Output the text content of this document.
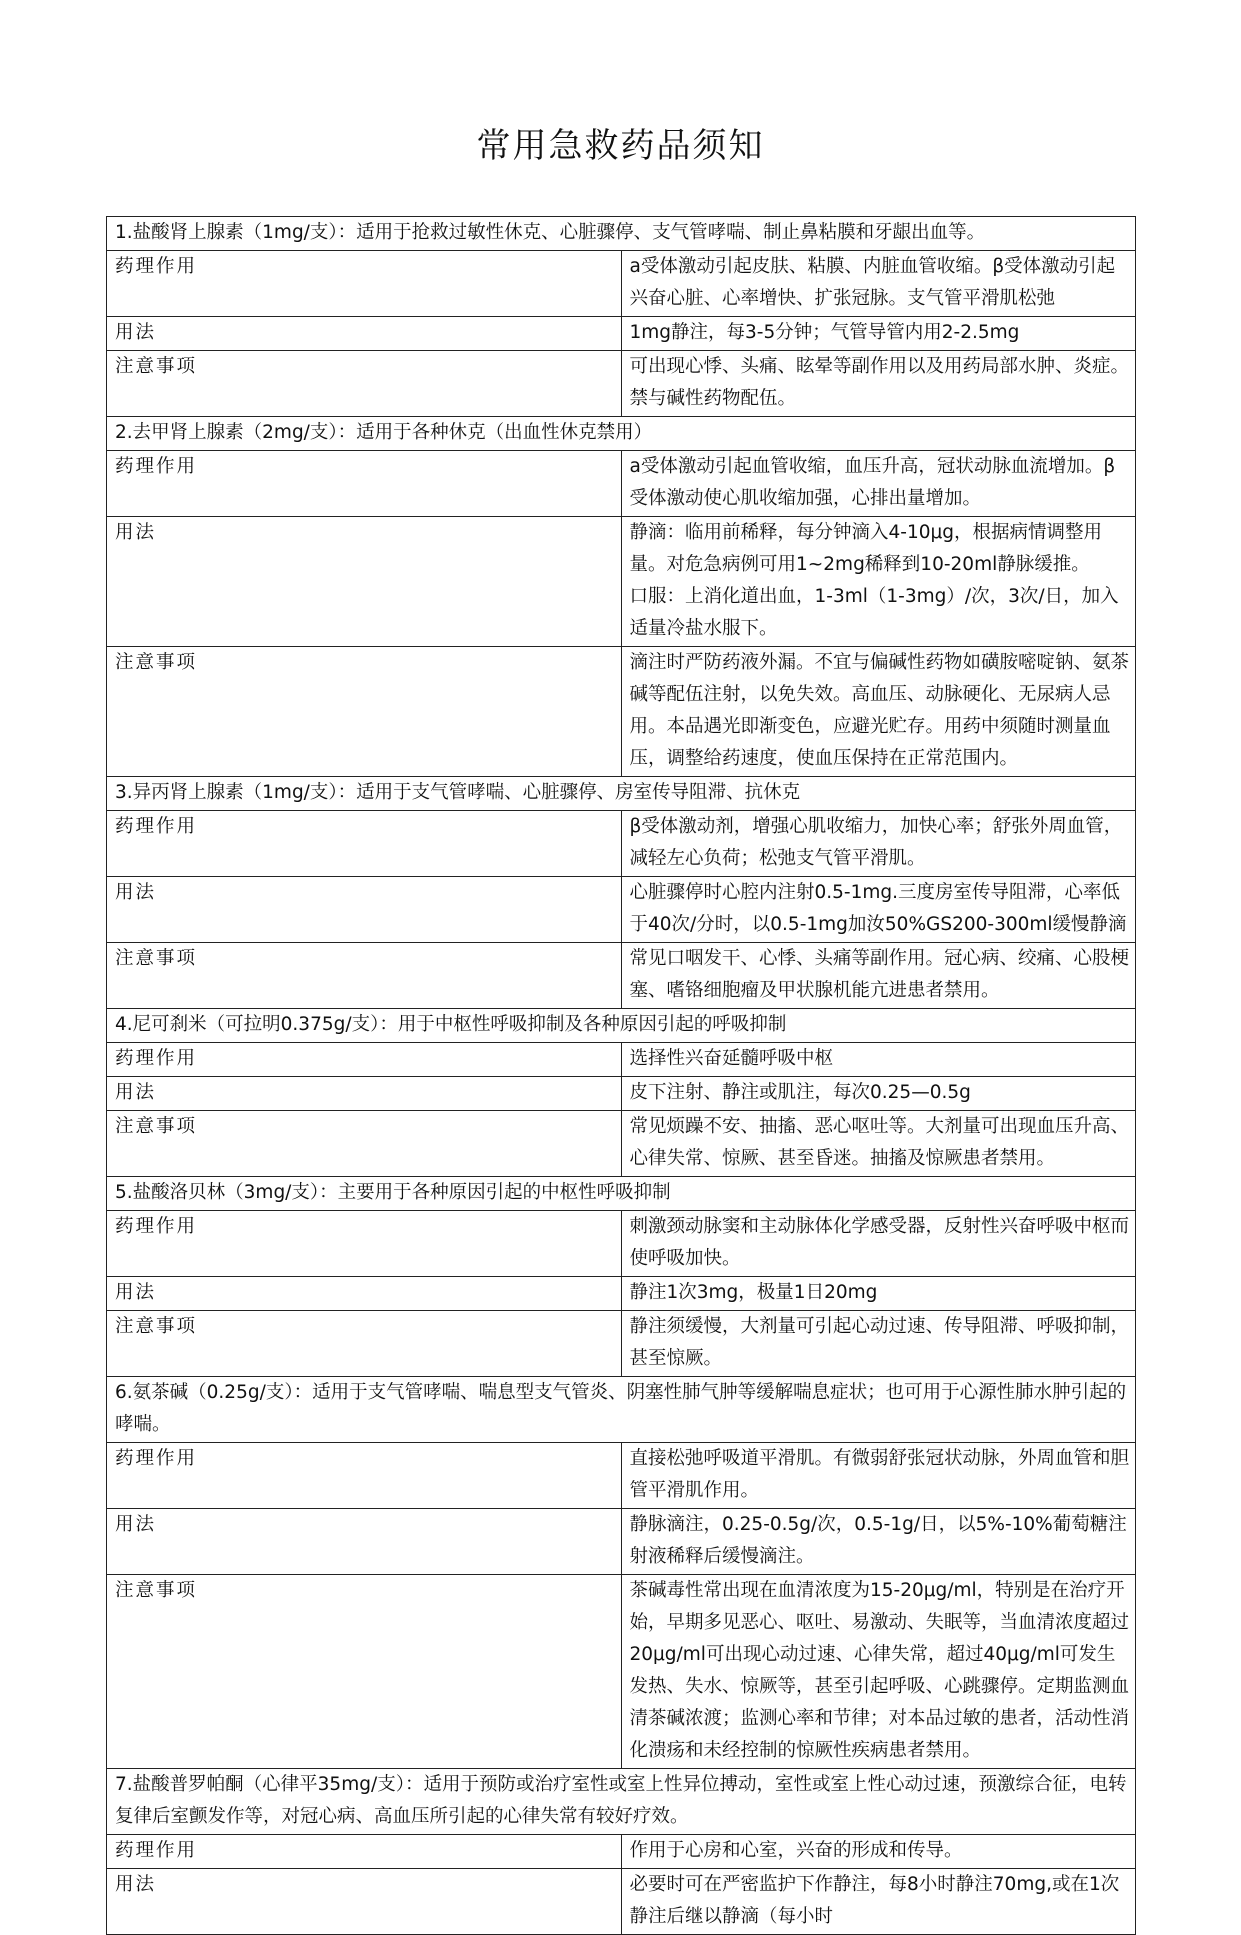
常用急救药品须知
1.盐酸肾上腺素（1mg/支）：适用于抢救过敏性休克、心脏骤停、支气管哮喘、制止鼻粘膜和牙龈出血等。	
药理作用	a受体激动引起皮肤、粘膜、内脏血管收缩。β受体激动引起兴奋心脏、心率增快、扩张冠脉。支气管平滑肌松弛
用法	1mg静注，每3-5分钟；气管导管内用2-2.5mg

注意事项	可出现心悸、头痛、眩晕等副作用以及用药局部水肿、炎症。禁与碱性药物配伍。
2.去甲肾上腺素（2mg/支）：适用于各种休克（出血性休克禁用）	
药理作用	a受体激动引起血管收缩，血压升高，冠状动脉血流增加。β受体激动使心肌收缩加强，心排出量增加。
用法	静滴：临用前稀释，每分钟滴入4-10μg，根据病情调整用量。对危急病例可用1~2mg稀释到10-20ml静脉缓推。
口服：上消化道出血，1-3ml（1-3mg）/次，3次/日，加入适量冷盐水服下。

注意事项	滴注时严防药液外漏。不宜与偏碱性药物如磺胺嘧啶钠、氨茶碱等配伍注射，以免失效。高血压、动脉硬化、无尿病人忌用。本品遇光即渐变色，应避光贮存。用药中须随时测量血压，调整给药速度，使血压保持在正常范围内。
3.异丙肾上腺素（1mg/支）：适用于支气管哮喘、心脏骤停、房室传导阻滞、抗休克	
药理作用	β受体激动剂，增强心肌收缩力，加快心率；舒张外周血管，减轻左心负荷；松弛支气管平滑肌。
用法	心脏骤停时心腔内注射0.5-1mg.三度房室传导阻滞，心率低于40次/分时，以0.5-1mg加汝50%GS200-300ml缓慢静滴

注意事项	常见口咽发干、心悸、头痛等副作用。冠心病、绞痛、心股梗塞、嗜铬细胞瘤及甲状腺机能亢进患者禁用。
4.尼可刹米（可拉明0.375g/支）：用于中枢性呼吸抑制及各种原因引起的呼吸抑制	
药理作用	选择性兴奋延髓呼吸中枢
用法	皮下注射、静注或肌注，每次0.25—0.5g

注意事项	常见烦躁不安、抽搐、恶心呕吐等。大剂量可出现血压升高、心律失常、惊厥、甚至昏迷。抽搐及惊厥患者禁用。
5.盐酸洛贝林（3mg/支）：主要用于各种原因引起的中枢性呼吸抑制	
药理作用	刺激颈动脉窦和主动脉体化学感受器，反射性兴奋呼吸中枢而使呼吸加快。
用法	静注1次3mg，极量1日20mg

注意事项	静注须缓慢，大剂量可引起心动过速、传导阻滞、呼吸抑制，甚至惊厥。
6.氨茶碱（0.25g/支）：适用于支气管哮喘、喘息型支气管炎、阴塞性肺气肿等缓解喘息症状；也可用于心源性肺水肿引起的哮喘。	
药理作用	直接松弛呼吸道平滑肌。有微弱舒张冠状动脉，外周血管和胆管平滑肌作用。
用法	静脉滴注，0.25-0.5g/次，0.5-1g/日，以5%-10%葡萄糖注射液稀释后缓慢滴注。

注意事项	茶碱毒性常出现在血清浓度为15-20μg/ml，特别是在治疗开始，早期多见恶心、呕吐、易激动、失眠等，当血清浓度超过20μg/ml可出现心动过速、心律失常，超过40μg/ml可发生发热、失水、惊厥等，甚至引起呼吸、心跳骤停。定期监测血清茶碱浓渡；监测心率和节律；对本品过敏的患者，活动性消化溃疡和未经控制的惊厥性疾病患者禁用。
7.盐酸普罗帕酮（心律平35mg/支）：适用于预防或治疗室性或室上性异位搏动，室性或室上性心动过速，预激综合征，电转复律后室颤发作等，对冠心病、高血压所引起的心律失常有较好疗效。	
药理作用	作用于心房和心室，兴奋的形成和传导。
用法	必要时可在严密监护下作静注，每8小时静注70mg,或在1次静注后继以静滴（每小时
